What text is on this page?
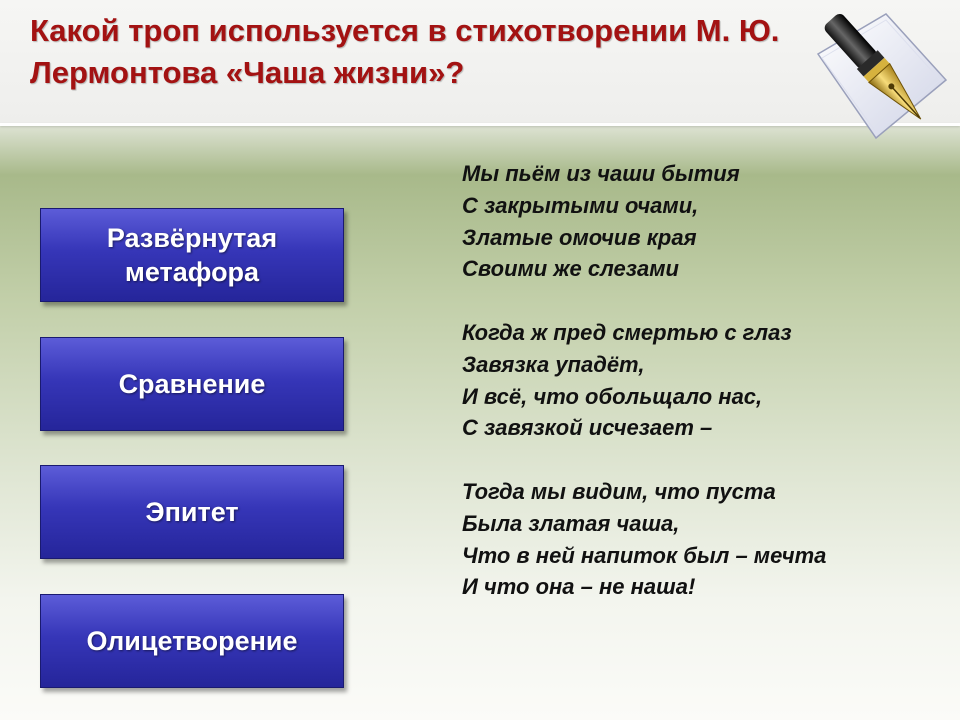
Какой троп используется в стихотворении М. Ю. Лермонтова «Чаша жизни»?
Развёрнутая
метафора
Сравнение
Эпитет
Олицетворение
Мы пьём из чаши бытия
С закрытыми очами,
Златые омочив края
Своими же слезами
Когда ж пред смертью с глаз
Завязка упадёт,
И всё, что обольщало нас,
С завязкой исчезает –
Тогда мы видим, что пуста
Была златая чаша,
Что в ней напиток был – мечта
И что она – не наша!
